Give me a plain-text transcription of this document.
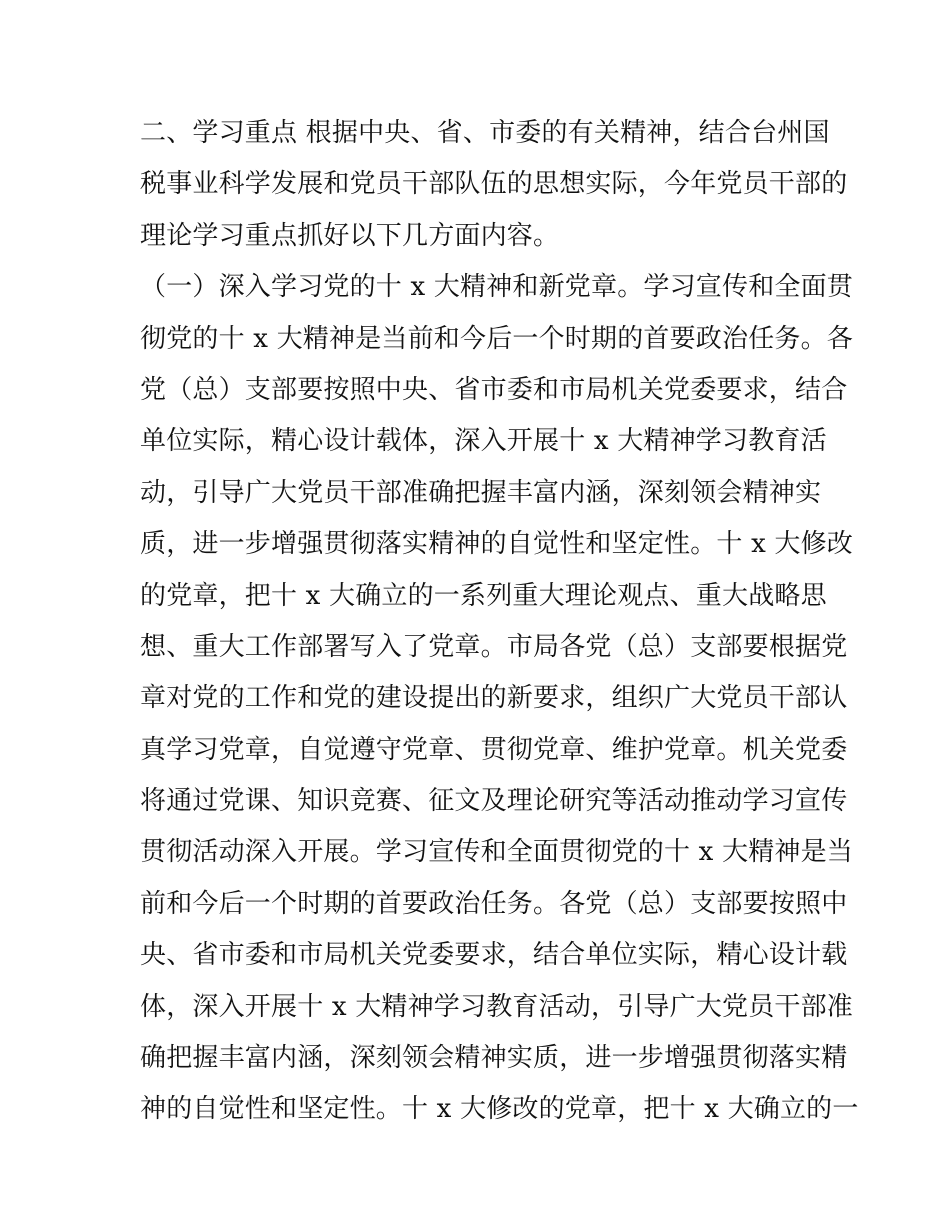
二、学习重点 根据中央、省、市委的有关精神，结合台州国
税事业科学发展和党员干部队伍的思想实际，今年党员干部的
理论学习重点抓好以下几方面内容。
（一）深入学习党的十 x 大精神和新党章。学习宣传和全面贯
彻党的十 x 大精神是当前和今后一个时期的首要政治任务。各
党（总）支部要按照中央、省市委和市局机关党委要求，结合
单位实际，精心设计载体，深入开展十 x 大精神学习教育活
动，引导广大党员干部准确把握丰富内涵，深刻领会精神实
质，进一步增强贯彻落实精神的自觉性和坚定性。十 x 大修改
的党章，把十 x 大确立的一系列重大理论观点、重大战略思
想、重大工作部署写入了党章。市局各党（总）支部要根据党
章对党的工作和党的建设提出的新要求，组织广大党员干部认
真学习党章，自觉遵守党章、贯彻党章、维护党章。机关党委
将通过党课、知识竞赛、征文及理论研究等活动推动学习宣传
贯彻活动深入开展。学习宣传和全面贯彻党的十 x 大精神是当
前和今后一个时期的首要政治任务。各党（总）支部要按照中
央、省市委和市局机关党委要求，结合单位实际，精心设计载
体，深入开展十 x 大精神学习教育活动，引导广大党员干部准
确把握丰富内涵，深刻领会精神实质，进一步增强贯彻落实精
神的自觉性和坚定性。十 x 大修改的党章，把十 x 大确立的一
